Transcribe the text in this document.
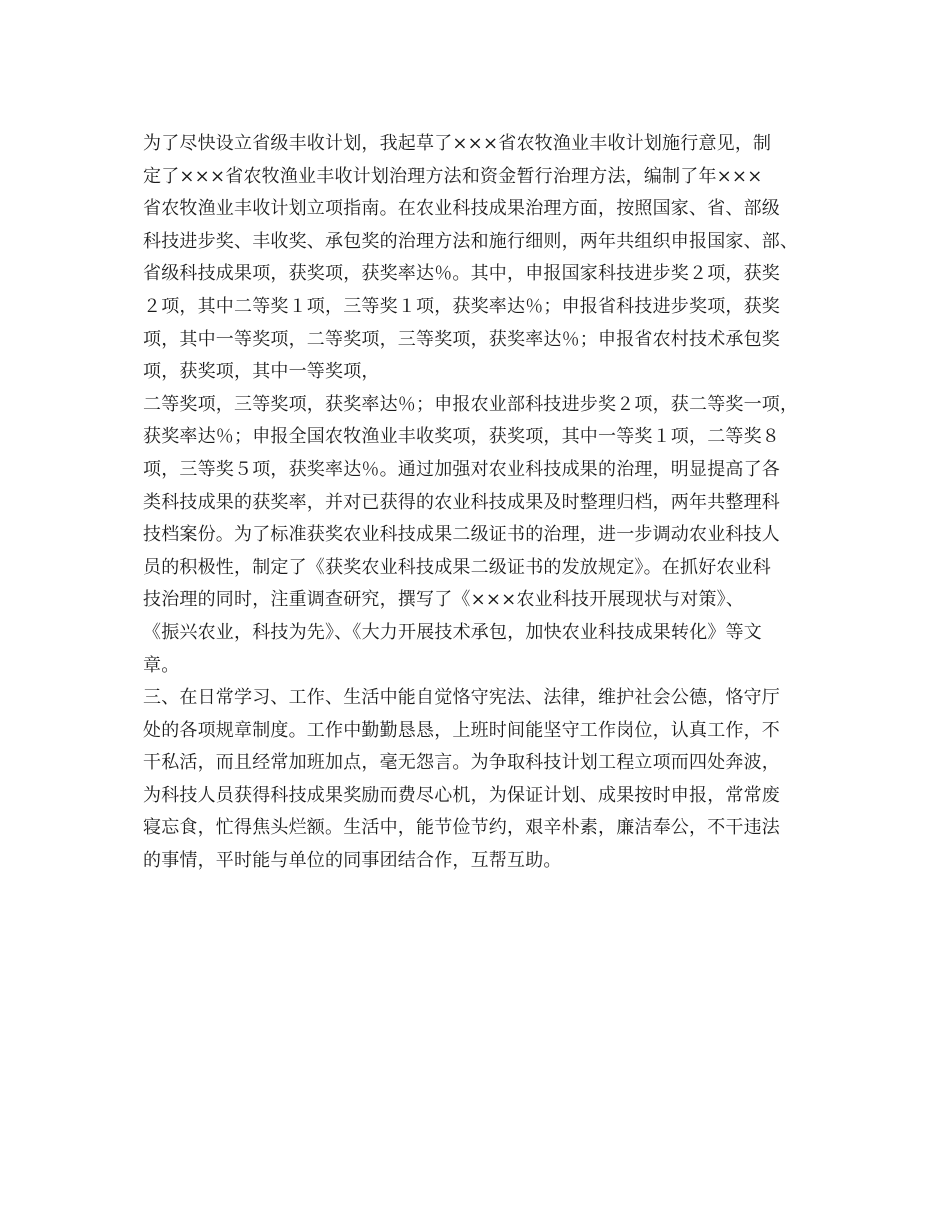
为了尽快设立省级丰收计划，我起草了×××省农牧渔业丰收计划施行意见，制
定了×××省农牧渔业丰收计划治理方法和资金暂行治理方法，编制了年×××
省农牧渔业丰收计划立项指南。在农业科技成果治理方面，按照国家、省、部级
科技进步奖、丰收奖、承包奖的治理方法和施行细则，两年共组织申报国家、部、
省级科技成果项，获奖项，获奖率达％。其中，申报国家科技进步奖２项，获奖
２项，其中二等奖１项，三等奖１项，获奖率达％；申报省科技进步奖项，获奖
项，其中一等奖项，二等奖项，三等奖项，获奖率达％；申报省农村技术承包奖
项，获奖项，其中一等奖项，
二等奖项，三等奖项，获奖率达％；申报农业部科技进步奖２项，获二等奖一项，
获奖率达％；申报全国农牧渔业丰收奖项，获奖项，其中一等奖１项，二等奖８
项，三等奖５项，获奖率达％。通过加强对农业科技成果的治理，明显提高了各
类科技成果的获奖率，并对已获得的农业科技成果及时整理归档，两年共整理科
技档案份。为了标准获奖农业科技成果二级证书的治理，进一步调动农业科技人
员的积极性，制定了《获奖农业科技成果二级证书的发放规定》。在抓好农业科
技治理的同时，注重调查研究，撰写了《×××农业科技开展现状与对策》、
《振兴农业，科技为先》、《大力开展技术承包，加快农业科技成果转化》等文
章。
三、在日常学习、工作、生活中能自觉恪守宪法、法律，维护社会公德，恪守厅
处的各项规章制度。工作中勤勤恳恳，上班时间能坚守工作岗位，认真工作，不
干私活，而且经常加班加点，毫无怨言。为争取科技计划工程立项而四处奔波，
为科技人员获得科技成果奖励而费尽心机，为保证计划、成果按时申报，常常废
寝忘食，忙得焦头烂额。生活中，能节俭节约，艰辛朴素，廉洁奉公，不干违法
的事情，平时能与单位的同事团结合作，互帮互助。
